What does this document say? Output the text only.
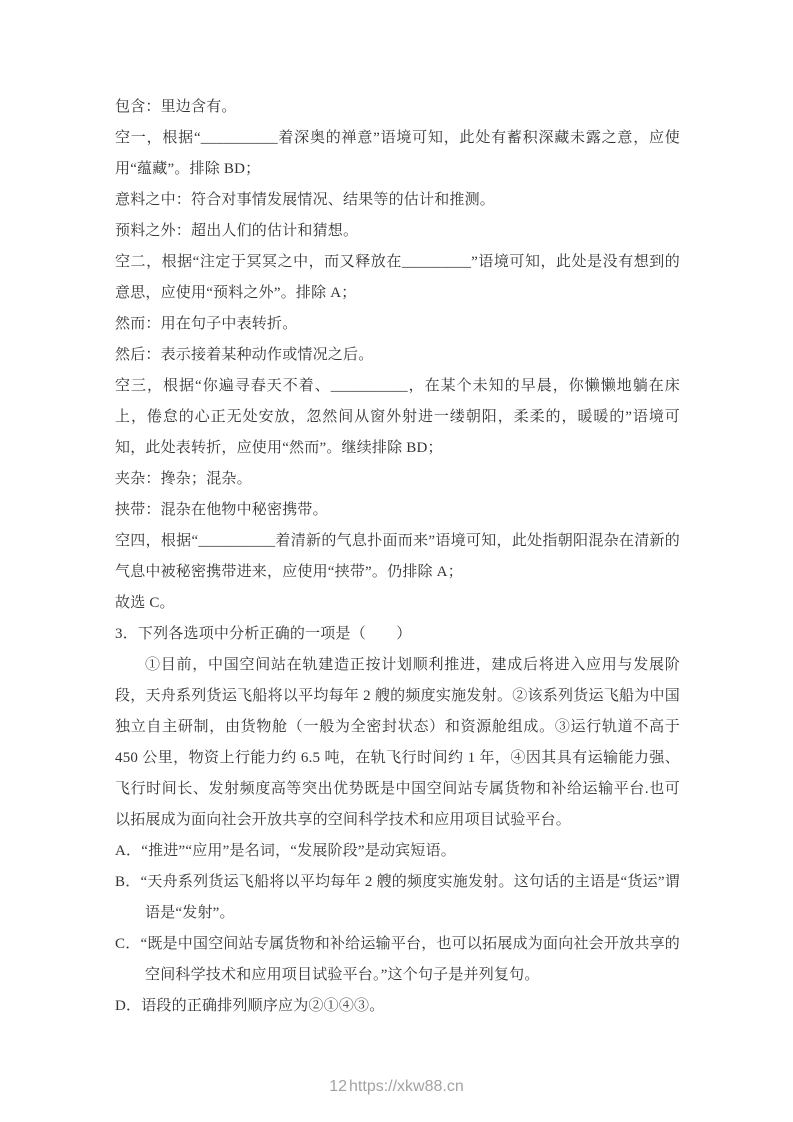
包含：里边含有。

空一，根据“__________着深奥的禅意”语境可知，此处有蓄积深藏未露之意，应使用“蕴藏”。排除 BD；

意料之中：符合对事情发展情况、结果等的估计和推测。

预料之外：超出人们的估计和猜想。

空二，根据“注定于冥冥之中，而又释放在_________”语境可知，此处是没有想到的意思，应使用“预料之外”。排除 A；

然而：用在句子中表转折。

然后：表示接着某种动作或情况之后。

空三，根据“你遍寻春天不着、__________，在某个未知的早晨，你懒懒地躺在床上，倦怠的心正无处安放，忽然间从窗外射进一缕朝阳，柔柔的，暖暖的”语境可知，此处表转折，应使用“然而”。继续排除 BD；

夹杂：搀杂；混杂。

挟带：混杂在他物中秘密携带。

空四，根据“__________着清新的气息扑面而来”语境可知，此处指朝阳混杂在清新的气息中被秘密携带进来，应使用“挟带”。仍排除 A；

故选 C。

3．下列各选项中分析正确的一项是（　　）

①目前，中国空间站在轨建造正按计划顺利推进，建成后将进入应用与发展阶段，天舟系列货运飞船将以平均每年 2 艘的频度实施发射。②该系列货运飞船为中国独立自主研制，由货物舱（一般为全密封状态）和资源舱组成。③运行轨道不高于 450 公里，物资上行能力约 6.5 吨，在轨飞行时间约 1 年，④因其具有运输能力强、飞行时间长、发射频度高等突出优势既是中国空间站专属货物和补给运输平台.也可以拓展成为面向社会开放共享的空间科学技术和应用项目试验平台。

A．“推进”“应用”是名词，“发展阶段”是动宾短语。

B．“天舟系列货运飞船将以平均每年 2 艘的频度实施发射。这句话的主语是“货运”谓语是“发射”。

C．“既是中国空间站专属货物和补给运输平台，也可以拓展成为面向社会开放共享的空间科学技术和应用项目试验平台。”这个句子是并列复句。

D．语段的正确排列顺序应为②①④③。

12 https://xkw88.cn
